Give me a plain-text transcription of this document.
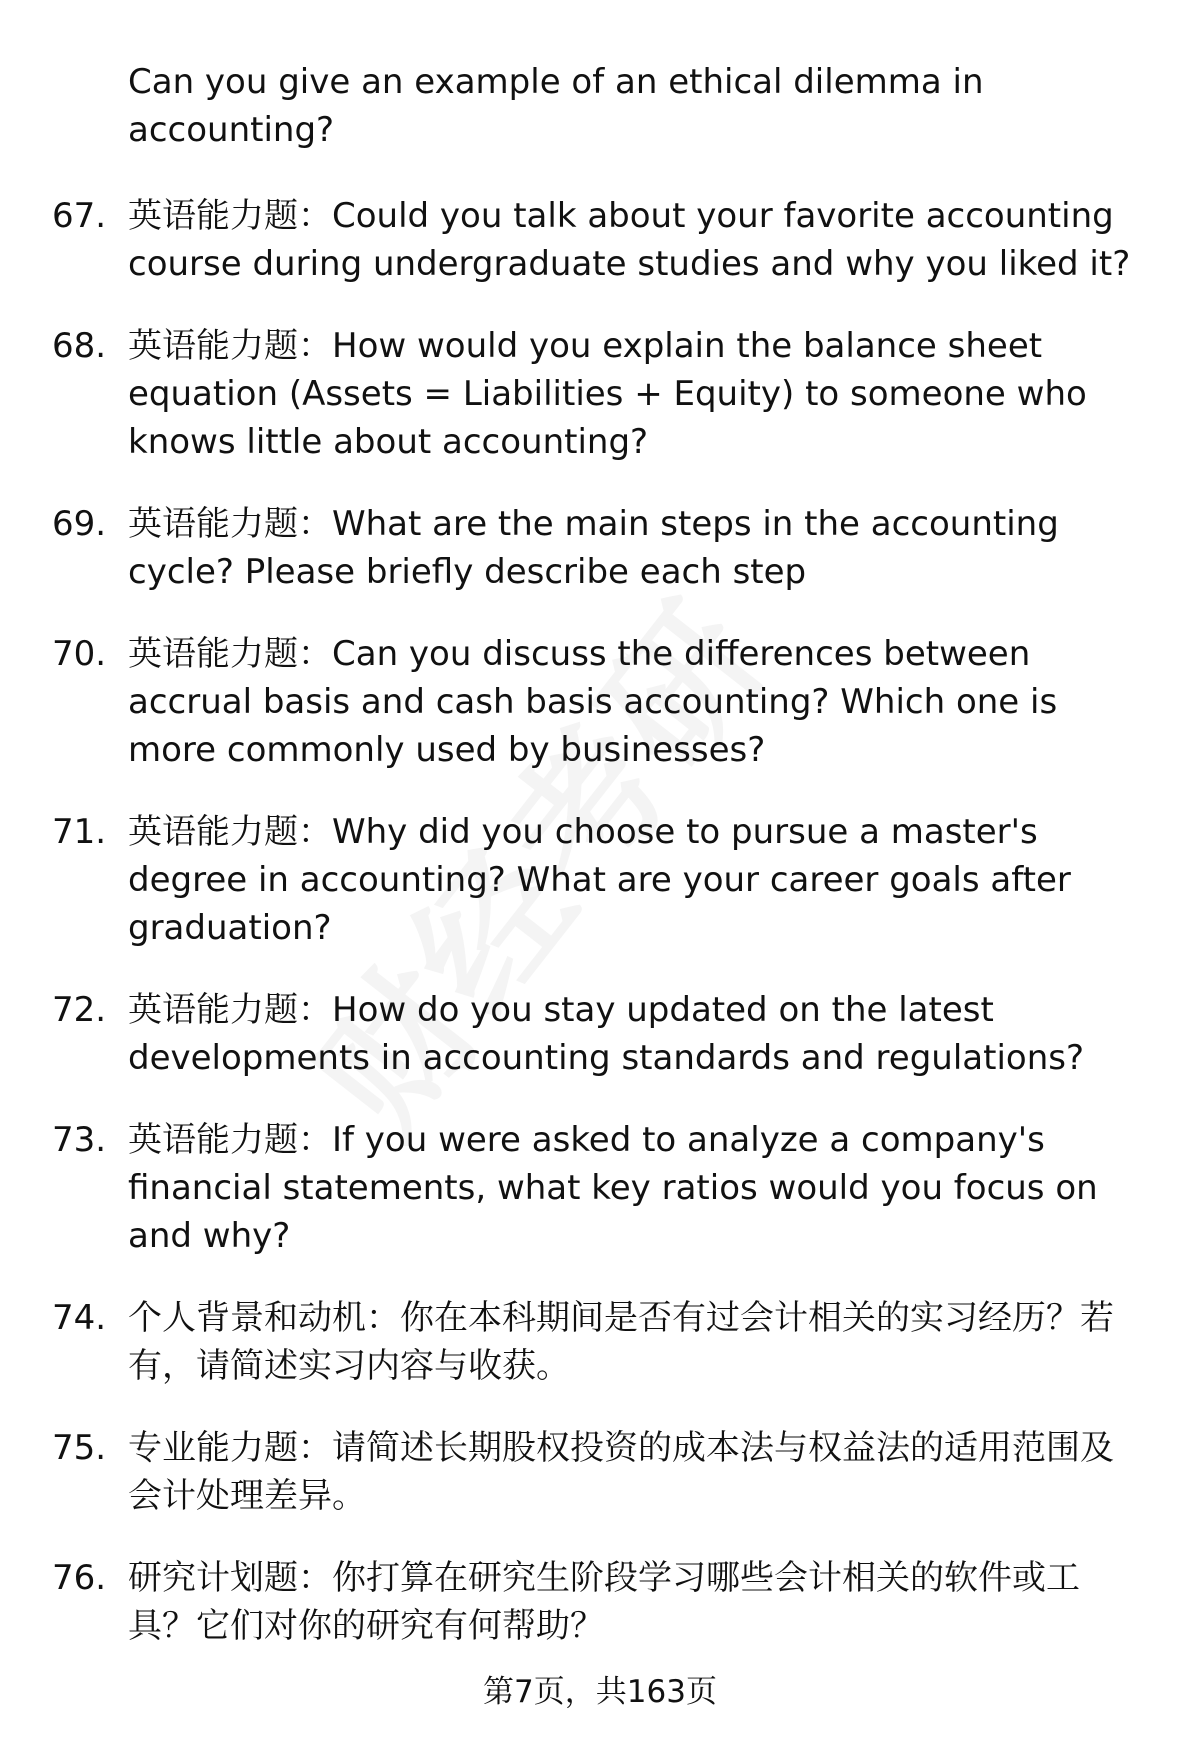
Can you give an example of an ethical dilemma in accounting?
67. 英语能力题：Could you talk about your favorite accounting course during undergraduate studies and why you liked it?
68. 英语能力题：How would you explain the balance sheet equation (Assets = Liabilities + Equity) to someone who knows little about accounting?
69. 英语能力题：What are the main steps in the accounting cycle? Please briefly describe each step
70. 英语能力题：Can you discuss the differences between accrual basis and cash basis accounting? Which one is more commonly used by businesses?
71. 英语能力题：Why did you choose to pursue a master's degree in accounting? What are your career goals after graduation?
72. 英语能力题：How do you stay updated on the latest developments in accounting standards and regulations?
73. 英语能力题：If you were asked to analyze a company's financial statements, what key ratios would you focus on and why?
74. 个人背景和动机：你在本科期间是否有过会计相关的实习经历？若有，请简述实习内容与收获。
75. 专业能力题：请简述长期股权投资的成本法与权益法的适用范围及会计处理差异。
76. 研究计划题：你打算在研究生阶段学习哪些会计相关的软件或工具？它们对你的研究有何帮助？
第7页，共163页
